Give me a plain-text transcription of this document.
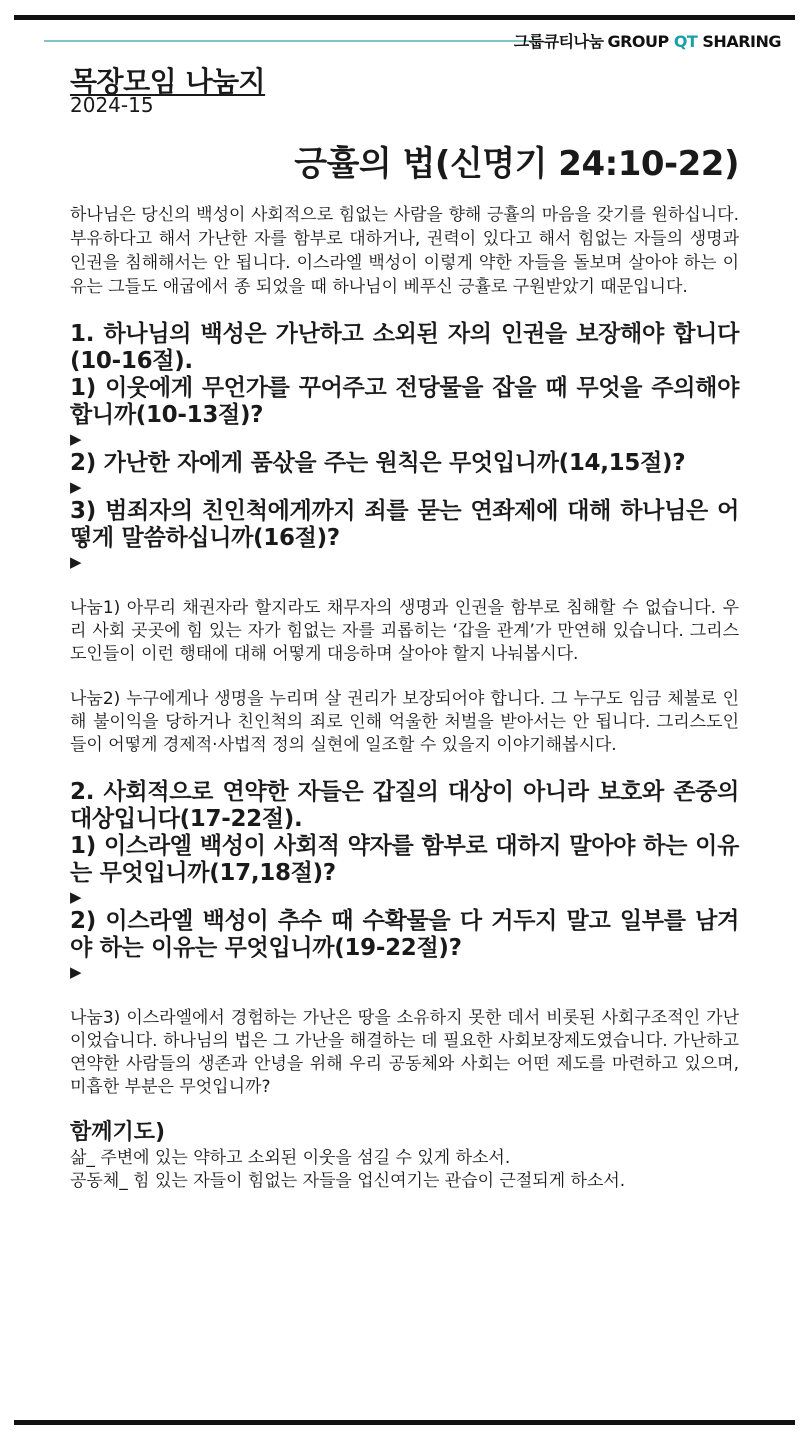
그룹큐티나눔 GROUP QT SHARING
목장모임 나눔지
2024-15
긍휼의 법(신명기 24:10-22)

하나님은 당신의 백성이 사회적으로 힘없는 사람을 향해 긍휼의 마음을 갖기를 원하십니다. 부유하다고 해서 가난한 자를 함부로 대하거나, 권력이 있다고 해서 힘없는 자들의 생명과 인권을 침해해서는 안 됩니다. 이스라엘 백성이 이렇게 약한 자들을 돌보며 살아야 하는 이유는 그들도 애굽에서 종 되었을 때 하나님이 베푸신 긍휼로 구원받았기 때문입니다.

1. 하나님의 백성은 가난하고 소외된 자의 인권을 보장해야 합니다(10-16절).

1) 이웃에게 무언가를 꾸어주고 전당물을 잡을 때 무엇을 주의해야 합니까(10-13절)?

▶

2) 가난한 자에게 품삯을 주는 원칙은 무엇입니까(14,15절)?

▶

3) 범죄자의 친인척에게까지 죄를 묻는 연좌제에 대해 하나님은 어떻게 말씀하십니까(16절)?

▶

나눔1) 아무리 채권자라 할지라도 채무자의 생명과 인권을 함부로 침해할 수 없습니다. 우리 사회 곳곳에 힘 있는 자가 힘없는 자를 괴롭히는 ‘갑을 관계’가 만연해 있습니다. 그리스도인들이 이런 행태에 대해 어떻게 대응하며 살아야 할지 나눠봅시다.

나눔2) 누구에게나 생명을 누리며 살 권리가 보장되어야 합니다. 그 누구도 임금 체불로 인해 불이익을 당하거나 친인척의 죄로 인해 억울한 처벌을 받아서는 안 됩니다. 그리스도인들이 어떻게 경제적·사법적 정의 실현에 일조할 수 있을지 이야기해봅시다.

2. 사회적으로 연약한 자들은 갑질의 대상이 아니라 보호와 존중의 대상입니다(17-22절).

1) 이스라엘 백성이 사회적 약자를 함부로 대하지 말아야 하는 이유는 무엇입니까(17,18절)?

▶

2) 이스라엘 백성이 추수 때 수확물을 다 거두지 말고 일부를 남겨야 하는 이유는 무엇입니까(19-22절)?

▶

나눔3) 이스라엘에서 경험하는 가난은 땅을 소유하지 못한 데서 비롯된 사회구조적인 가난이었습니다. 하나님의 법은 그 가난을 해결하는 데 필요한 사회보장제도였습니다. 가난하고 연약한 사람들의 생존과 안녕을 위해 우리 공동체와 사회는 어떤 제도를 마련하고 있으며, 미흡한 부분은 무엇입니까?

함께기도)

삶_ 주변에 있는 약하고 소외된 이웃을 섬길 수 있게 하소서.

공동체_ 힘 있는 자들이 힘없는 자들을 업신여기는 관습이 근절되게 하소서.
